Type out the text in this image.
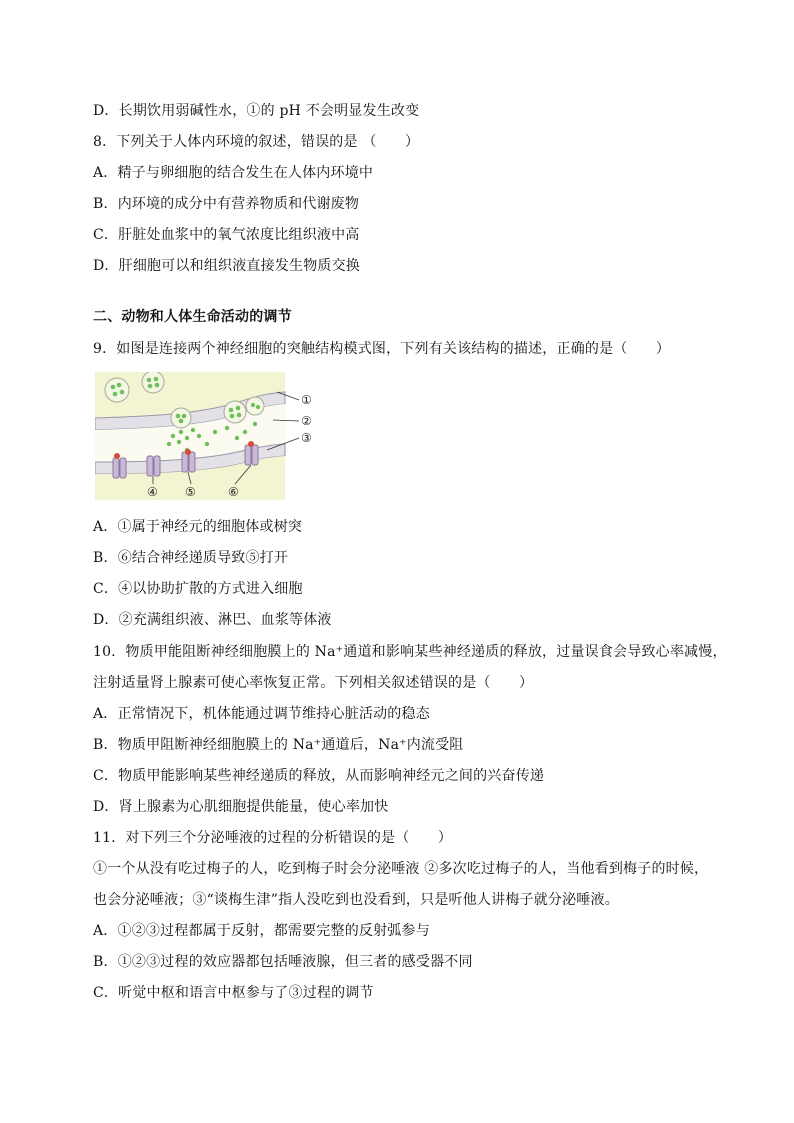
D．长期饮用弱碱性水，①的 pH 不会明显发生改变
8．下列关于人体内环境的叙述，错误的是 （　　）
A．精子与卵细胞的结合发生在人体内环境中
B．内环境的成分中有营养物质和代谢废物
C．肝脏处血浆中的氧气浓度比组织液中高
D．肝细胞可以和组织液直接发生物质交换
二、动物和人体生命活动的调节
9．如图是连接两个神经细胞的突触结构模式图，下列有关该结构的描述，正确的是（　　）
①
②
③
④ ⑤	⑥
A．①属于神经元的细胞体或树突
B．⑥结合神经递质导致⑤打开
C．④以协助扩散的方式进入细胞
D．②充满组织液、淋巴、血浆等体液
10．物质甲能阻断神经细胞膜上的 Na⁺通道和影响某些神经递质的释放，过量误食会导致心率减慢，
注射适量肾上腺素可使心率恢复正常。下列相关叙述错误的是（　　）
A．正常情况下，机体能通过调节维持心脏活动的稳态
B．物质甲阻断神经细胞膜上的 Na⁺通道后，Na⁺内流受阻
C．物质甲能影响某些神经递质的释放，从而影响神经元之间的兴奋传递
D．肾上腺素为心肌细胞提供能量，使心率加快
11．对下列三个分泌唾液的过程的分析错误的是（　　）
①一个从没有吃过梅子的人，吃到梅子时会分泌唾液 ②多次吃过梅子的人，当他看到梅子的时候，
也会分泌唾液；③“谈梅生津”指人没吃到也没看到，只是听他人讲梅子就分泌唾液。
A．①②③过程都属于反射，都需要完整的反射弧参与
B．①②③过程的效应器都包括唾液腺，但三者的感受器不同
C．听觉中枢和语言中枢参与了③过程的调节
